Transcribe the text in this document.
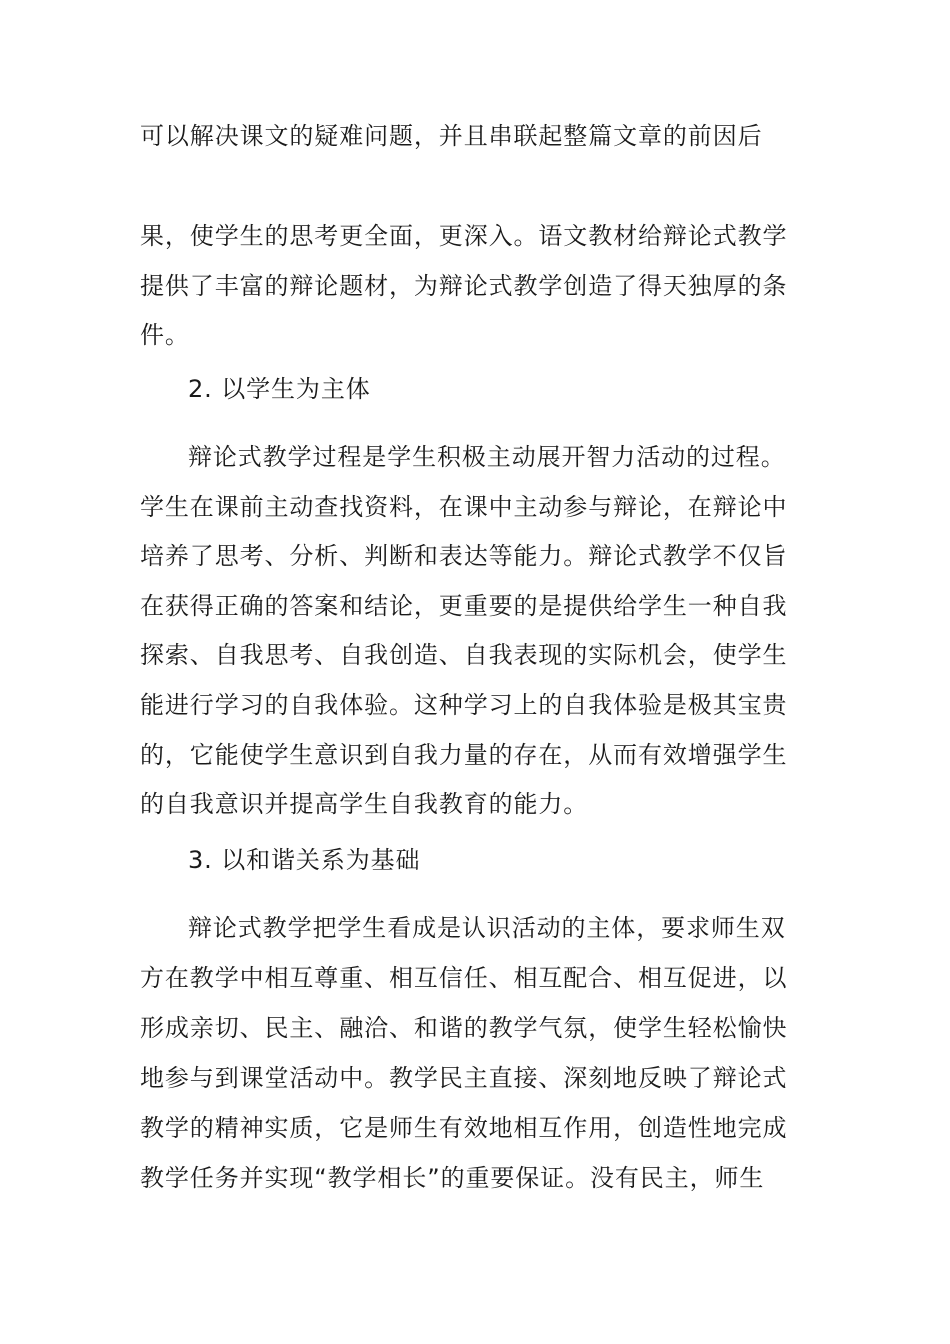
可以解决课文的疑难问题，并且串联起整篇文章的前因后
果，使学生的思考更全面，更深入。语文教材给辩论式教学
提供了丰富的辩论题材，为辩论式教学创造了得天独厚的条
件。
2. 以学生为主体
辩论式教学过程是学生积极主动展开智力活动的过程。
学生在课前主动查找资料，在课中主动参与辩论，在辩论中
培养了思考、分析、判断和表达等能力。辩论式教学不仅旨
在获得正确的答案和结论，更重要的是提供给学生一种自我
探索、自我思考、自我创造、自我表现的实际机会，使学生
能进行学习的自我体验。这种学习上的自我体验是极其宝贵
的，它能使学生意识到自我力量的存在，从而有效增强学生
的自我意识并提高学生自我教育的能力。
3. 以和谐关系为基础
辩论式教学把学生看成是认识活动的主体，要求师生双
方在教学中相互尊重、相互信任、相互配合、相互促进，以
形成亲切、民主、融洽、和谐的教学气氛，使学生轻松愉快
地参与到课堂活动中。教学民主直接、深刻地反映了辩论式
教学的精神实质，它是师生有效地相互作用，创造性地完成
教学任务并实现“教学相长”的重要保证。没有民主，师生
